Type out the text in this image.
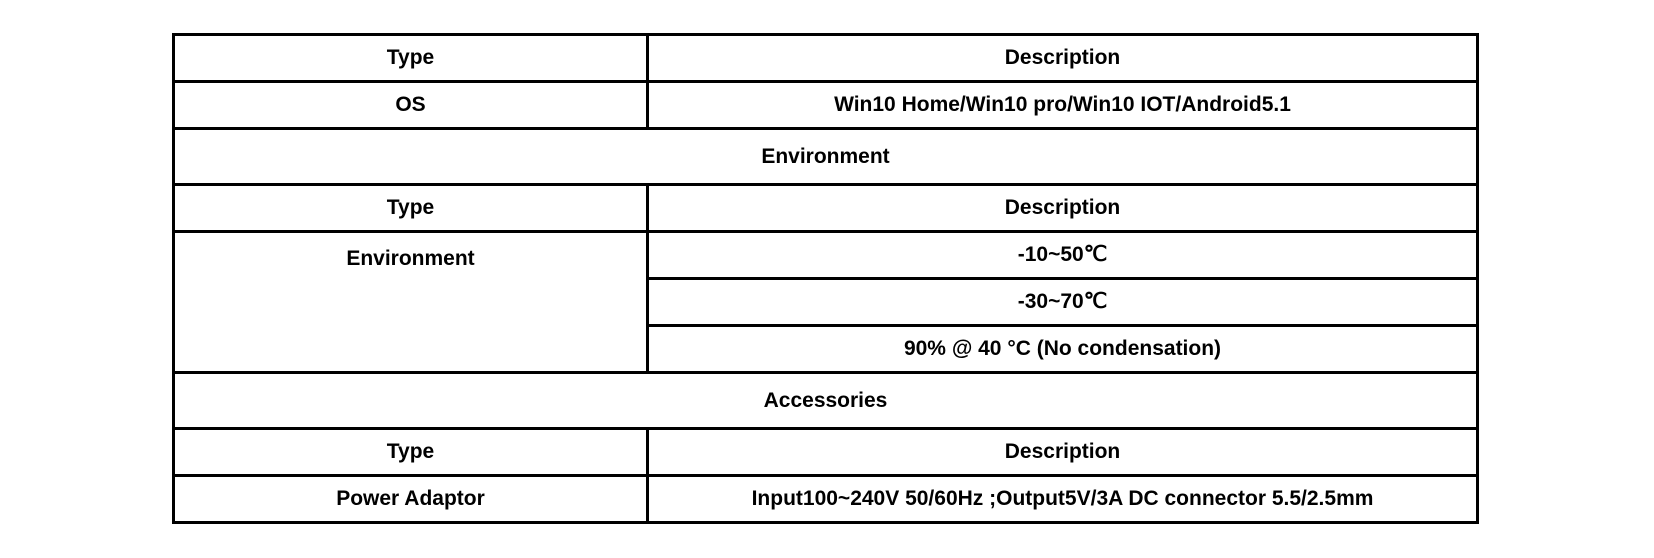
Type	Description
OS	Win10 Home/Win10 pro/Win10 IOT/Android5.1
Environment	
Type	Description
Environment	-10~50℃
	-30~70℃
	90% @ 40 °C (No condensation)
Accessories	
Type	Description
Power Adaptor	Input100~240V 50/60Hz ;Output5V/3A DC connector 5.5/2.5mm
